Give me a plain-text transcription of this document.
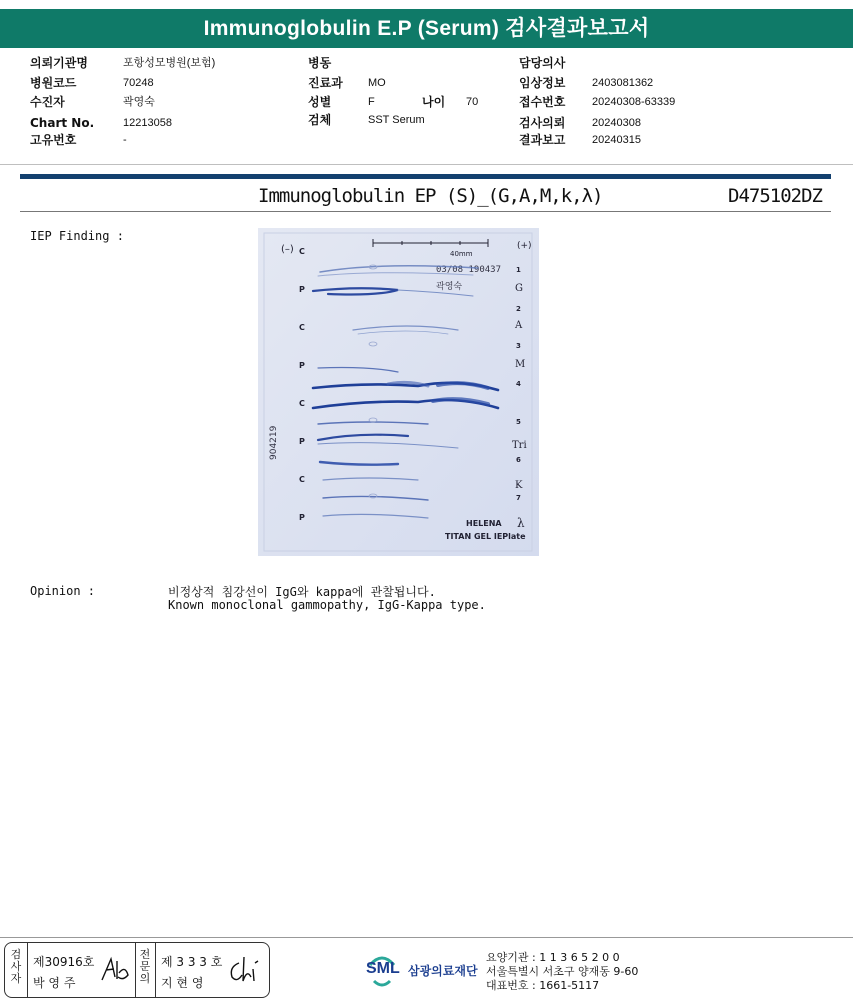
Immunoglobulin E.P (Serum) 검사결과보고서
의뢰기관명	포항성모병원(보험)
병원코드	70248
수진자	곽영숙
Chart No.	12213058
고유번호	-
병동
진료과 MO
성별	F	나이 70
검체	SST Serum
담당의사
임상정보 2403081362
접수번호 20240308-63339
검사의뢰 20240308
결과보고 20240315
Immunoglobulin EP (S)_(G,A,M,k,λ)	D475102DZ
IEP Finding :
(–)	(+)
40mm
03/08 190437
곽영숙
C
P
C
P
C
P
C
P
1
2
3
4
5
6
7
G
A
M
Tri
K
λ
904219
HELENA
TITAN GEL IEPlate
Opinion :	비정상적 침강선이 IgG와 kappa에 관찰됩니다.
Known monoclonal gammopathy, IgG-Kappa type.
검
사
자
전
문
의
제30916호
박 영 주
제 3 3 3 호
지 현 영
SML 삼광의료재단
요양기관 : 1 1 3 6 5 2 0 0
서울특별시 서초구 양재동 9-60
대표번호 : 1661-5117
